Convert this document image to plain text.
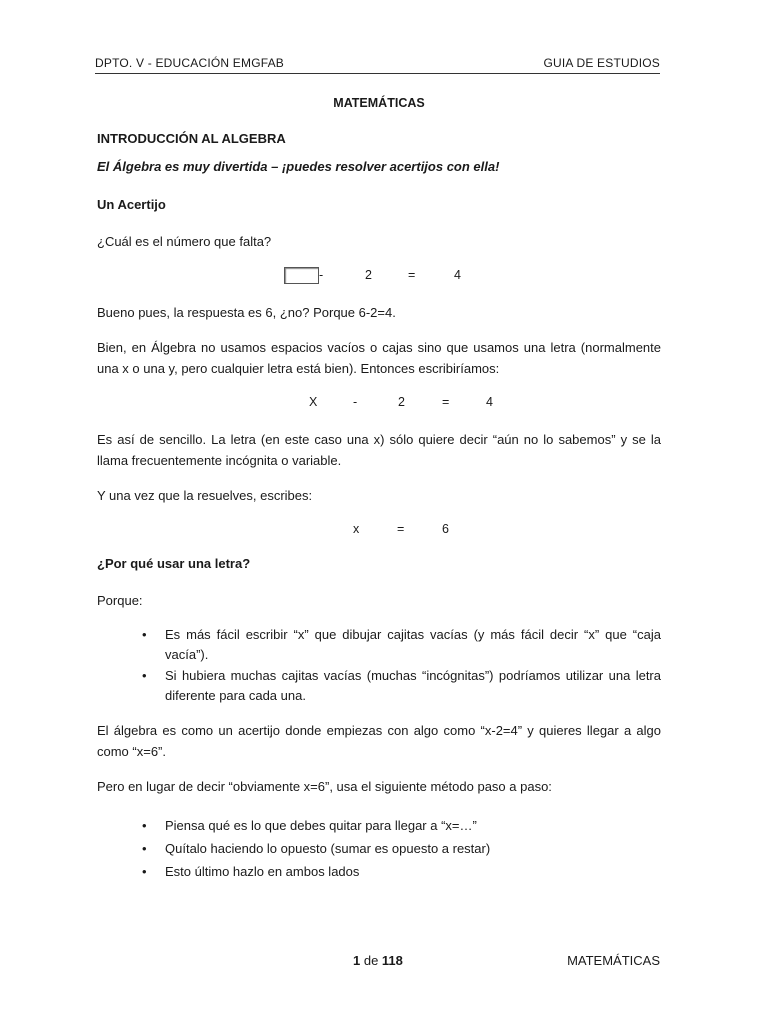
DPTO. V - EDUCACIÓN EMGFAB	GUIA DE ESTUDIOS
MATEMÁTICAS
INTRODUCCIÓN AL ALGEBRA
El Álgebra es muy divertida – ¡puedes resolver acertijos con ella!
Un Acertijo

¿Cuál es el número que falta?

-	2	=	4

Bueno pues, la respuesta es 6, ¿no? Porque 6-2=4.

Bien, en Álgebra no usamos espacios vacíos o cajas sino que usamos una letra (normalmente una x o una y, pero cualquier letra está bien). Entonces escribiríamos:

X	-	2	=	4

Es así de sencillo. La letra (en este caso una x) sólo quiere decir “aún no lo sabemos” y se la llama frecuentemente incógnita o variable.

Y una vez que la resuelves, escribes:

x	=	6
¿Por qué usar una letra?

Porque:

• Es más fácil escribir “x” que dibujar cajitas vacías (y más fácil decir “x” que “caja vacía”).
• Si hubiera muchas cajitas vacías (muchas “incógnitas”) podríamos utilizar una letra diferente para cada una.

El álgebra es como un acertijo donde empiezas con algo como “x-2=4” y quieres llegar a algo como “x=6”.

Pero en lugar de decir “obviamente x=6”, usa el siguiente método paso a paso:

• Piensa qué es lo que debes quitar para llegar a “x=…”
• Quítalo haciendo lo opuesto (sumar es opuesto a restar)
• Esto último hazlo en ambos lados
1 de 118	MATEMÁTICAS
